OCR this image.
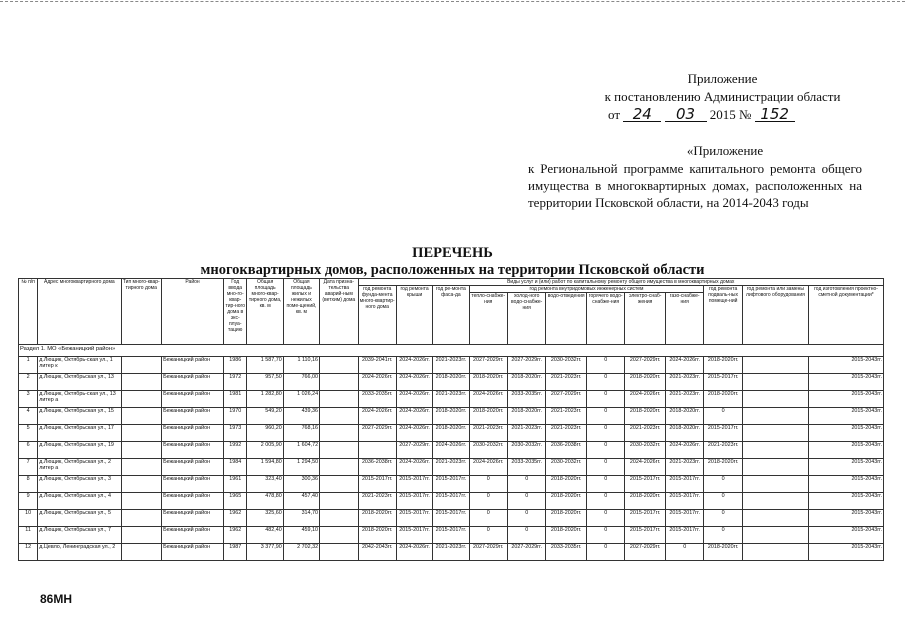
Приложение
к постановлению Администрации области
от 24 03 2015 № 152
«Приложение
к Региональной программе капитального ремонта общего имущества в многоквартирных домах, расположенных на территории Псковской области, на 2014-2043 годы
ПЕРЕЧЕНЬ
многоквартирных домов, расположенных на территории Псковской области
№ п/п	Адрес многоквартирного дома	Тип много-квар-тирного дома	Район	Год ввода мно-го-квар-тир-ного дома в экс-плуа-тацию	Общая площадь много-квар-тирного дома, кв. м	Общая площадь жилых и нежилых поме-щений, кв. м	Дата призна-тельства аварий-ным (ветхим) дома	Виды услуг и (или) работ по капитальному ремонту общего имущества в многоквартирных домах											
								год ремонта фунда-мента много-квартир-ного дома	год ремонта крыши	год ре-монта фаса-да	год ремонта внутридомовых инженерных систем						год ремонта подваль-ных помеще-ний	год ремонта или замены лифтового оборудования	год изготовления проектно-сметной документации*
											тепло-снабже-ния	холод-ного водо-снабже-ния	водо-отведения	горячего водо-снабже-ния	электро-снаб-жения	газо-снабже-ния			
Раздел 1. МО «Бежаницкий район»																			
1	д.Лющик, Октябрь-ская ул., 1 литер к		Бежаницкий район	1986	1 587,70	1 110,16		2039-2041гг.	2024-2026гг.	2021-2023гг.	2027-2029гг.	2027-2029гг.	2030-2032гг.	0	2027-2029гг.	2024-2026гг.	2018-2020гг.		2015-2043гг.
2	д.Лющик, Октябрьская ул., 13		Бежаницкий район	1972	957,50	766,00		2024-2026гг.	2024-2026гг.	2018-2020гг.	2018-2020гг.	2018-2020гг.	2021-2023гг.	0	2018-2020гг.	2021-2023гг.	2015-2017гг.		2015-2043гг.
3	д.Лющик, Октябрь-ская ул., 13 литер а		Бежаницкий район	1981	1 282,80	1 026,24		2033-2035гг.	2024-2026гг.	2021-2023гг.	2024-2026гг.	2033-2035гг.	2027-2029гг.	0	2024-2026гг.	2021-2023гг.	2018-2020гг.		2015-2043гг.
4	д.Лющик, Октябрьская ул., 15		Бежаницкий район	1970	549,20	439,36		2024-2026гг.	2024-2026гг.	2018-2020гг.	2018-2020гг.	2018-2020гг.	2021-2023гг.	0	2018-2020гг.	2018-2020гг.	0		2015-2043гг.
5	д.Лющик, Октябрьская ул., 17		Бежаницкий район	1973	960,20	768,16		2027-2029гг.	2024-2026гг.	2018-2020гг.	2021-2023гг.	2021-2023гг.	2021-2023гг.	0	2021-2023гг.	2018-2020гг.	2015-2017гг.		2015-2043гг.
6	д.Лющик, Октябрьская ул., 19		Бежаницкий район	1992	2 005,90	1 604,72			2027-2029гг.	2024-2026гг.	2030-2032гг.	2030-2032гг.	2036-2038гг.	0	2030-2032гг.	2024-2026гг.	2021-2023гг.		2015-2043гг.
7	д.Лющик, Октябрьская ул., 2 литер а		Бежаницкий район	1984	1 594,80	1 294,50		2036-2038гг.	2024-2026гг.	2021-2023гг.	2024-2026гг.	2033-2035гг.	2030-2032гг.	0	2024-2026гг.	2021-2023гг.	2018-2020гг.		2015-2043гг.
8	д.Лющик, Октябрьская ул., 3		Бежаницкий район	1961	323,40	300,36		2015-2017гг.	2015-2017гг.	2015-2017гг.	0	0	2018-2020гг.	0	2015-2017гг.	2015-2017гг.	0		2015-2043гг.
9	д.Лющик, Октябрьская ул., 4		Бежаницкий район	1965	478,80	457,40		2021-2023гг.	2015-2017гг.	2015-2017гг.	0	0	2018-2020гг.	0	2018-2020гг.	2015-2017гг.	0		2015-2043гг.
10	д.Лющик, Октябрьская ул., 5		Бежаницкий район	1962	325,60	314,70		2018-2020гг.	2015-2017гг.	2015-2017гг.	0	0	2018-2020гг.	0	2015-2017гг.	2015-2017гг.	0		2015-2043гг.
11	д.Лющик, Октябрьская ул., 7		Бежаницкий район	1962	482,40	459,10		2018-2020гг.	2015-2017гг.	2015-2017гг.	0	0	2018-2020гг.	0	2015-2017гг.	2015-2017гг.	0		2015-2043гг.
12	д.Цевло, Ленинградская ул., 2		Бежаницкий район	1987	3 377,90	2 702,32		2042-2043гг.	2024-2026гг.	2021-2023гг.	2027-2029гг.	2027-2029гг.	2033-2035гг.	0	2027-2029гг.	0	2018-2020гг.		2015-2043гг.
86МН
